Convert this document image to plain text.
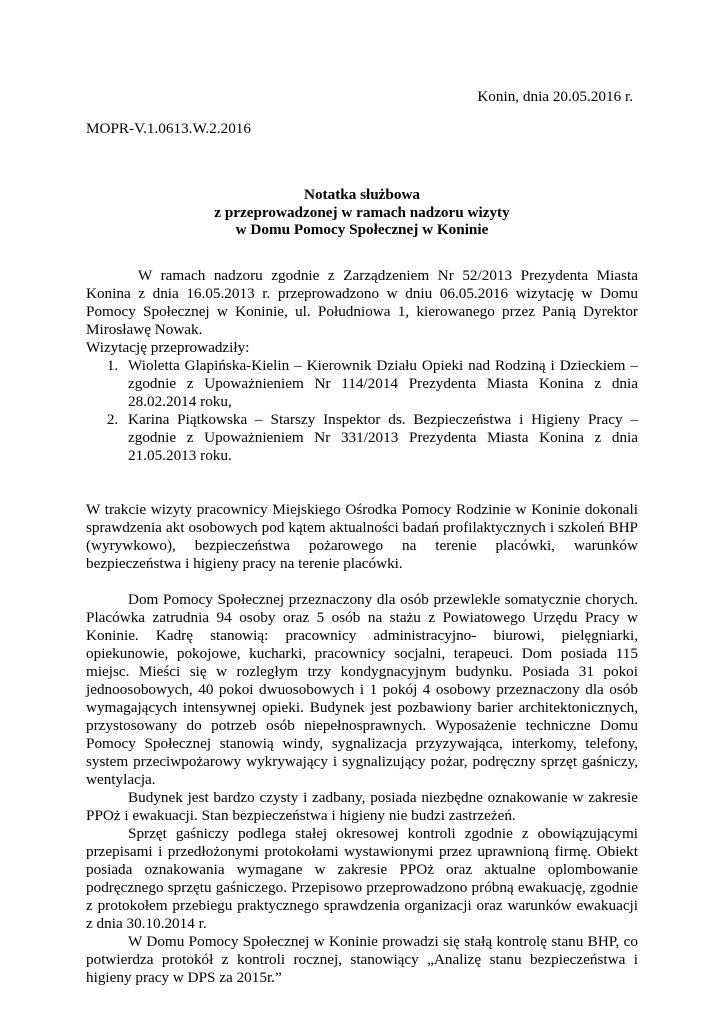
Konin, dnia 20.05.2016 r.
MOPR-V.1.0613.W.2.2016
Notatka służbowa
z przeprowadzonej w ramach nadzoru wizyty
w Domu Pomocy Społecznej w Koninie

W ramach nadzoru zgodnie z Zarządzeniem Nr 52/2013 Prezydenta Miasta Konina z dnia 16.05.2013 r. przeprowadzono w dniu 06.05.2016 wizytację w Domu Pomocy Społecznej w Koninie, ul. Południowa 1, kierowanego przez Panią Dyrektor Mirosławę Nowak.

Wizytację przeprowadziły:

1. Wioletta Glapińska-Kielin – Kierownik Działu Opieki nad Rodziną i Dzieckiem – zgodnie z Upoważnieniem Nr 114/2014 Prezydenta Miasta Konina z dnia 28.02.2014 roku,
2. Karina Piątkowska – Starszy Inspektor ds. Bezpieczeństwa i Higieny Pracy – zgodnie z Upoważnieniem Nr 331/2013 Prezydenta Miasta Konina z dnia 21.05.2013 roku.

W trakcie wizyty pracownicy Miejskiego Ośrodka Pomocy Rodzinie w Koninie dokonali sprawdzenia akt osobowych pod kątem aktualności badań profilaktycznych i szkoleń BHP (wyrywkowo), bezpieczeństwa pożarowego na terenie placówki, warunków bezpieczeństwa i higieny pracy na terenie placówki.

Dom Pomocy Społecznej przeznaczony dla osób przewlekle somatycznie chorych. Placówka zatrudnia 94 osoby oraz 5 osób na stażu z Powiatowego Urzędu Pracy w Koninie. Kadrę stanowią: pracownicy administracyjno- biurowi, pielęgniarki, opiekunowie, pokojowe, kucharki, pracownicy socjalni, terapeuci. Dom posiada 115 miejsc. Mieści się w rozległym trzy kondygnacyjnym budynku. Posiada 31 pokoi jednoosobowych, 40 pokoi dwuosobowych i 1 pokój 4 osobowy przeznaczony dla osób wymagających intensywnej opieki. Budynek jest pozbawiony barier architektonicznych, przystosowany do potrzeb osób niepełnosprawnych. Wyposażenie techniczne Domu Pomocy Społecznej stanowią windy, sygnalizacja przyzywająca, interkomy, telefony, system przeciwpożarowy wykrywający i sygnalizujący pożar, podręczny sprzęt gaśniczy, wentylacja.

Budynek jest bardzo czysty i zadbany, posiada niezbędne oznakowanie w zakresie PPOż i ewakuacji. Stan bezpieczeństwa i higieny nie budzi zastrzeżeń.

Sprzęt gaśniczy podlega stałej okresowej kontroli zgodnie z obowiązującymi przepisami i przedłożonymi protokołami wystawionymi przez uprawnioną firmę. Obiekt posiada oznakowania wymagane w zakresie PPOż oraz aktualne oplombowanie podręcznego sprzętu gaśniczego. Przepisowo przeprowadzono próbną ewakuację, zgodnie z protokołem przebiegu praktycznego sprawdzenia organizacji oraz warunków ewakuacji z dnia 30.10.2014 r.

W Domu Pomocy Społecznej w Koninie prowadzi się stałą kontrolę stanu BHP, co potwierdza protokół z kontroli rocznej, stanowiący „Analizę stanu bezpieczeństwa i higieny pracy w DPS za 2015r.”
